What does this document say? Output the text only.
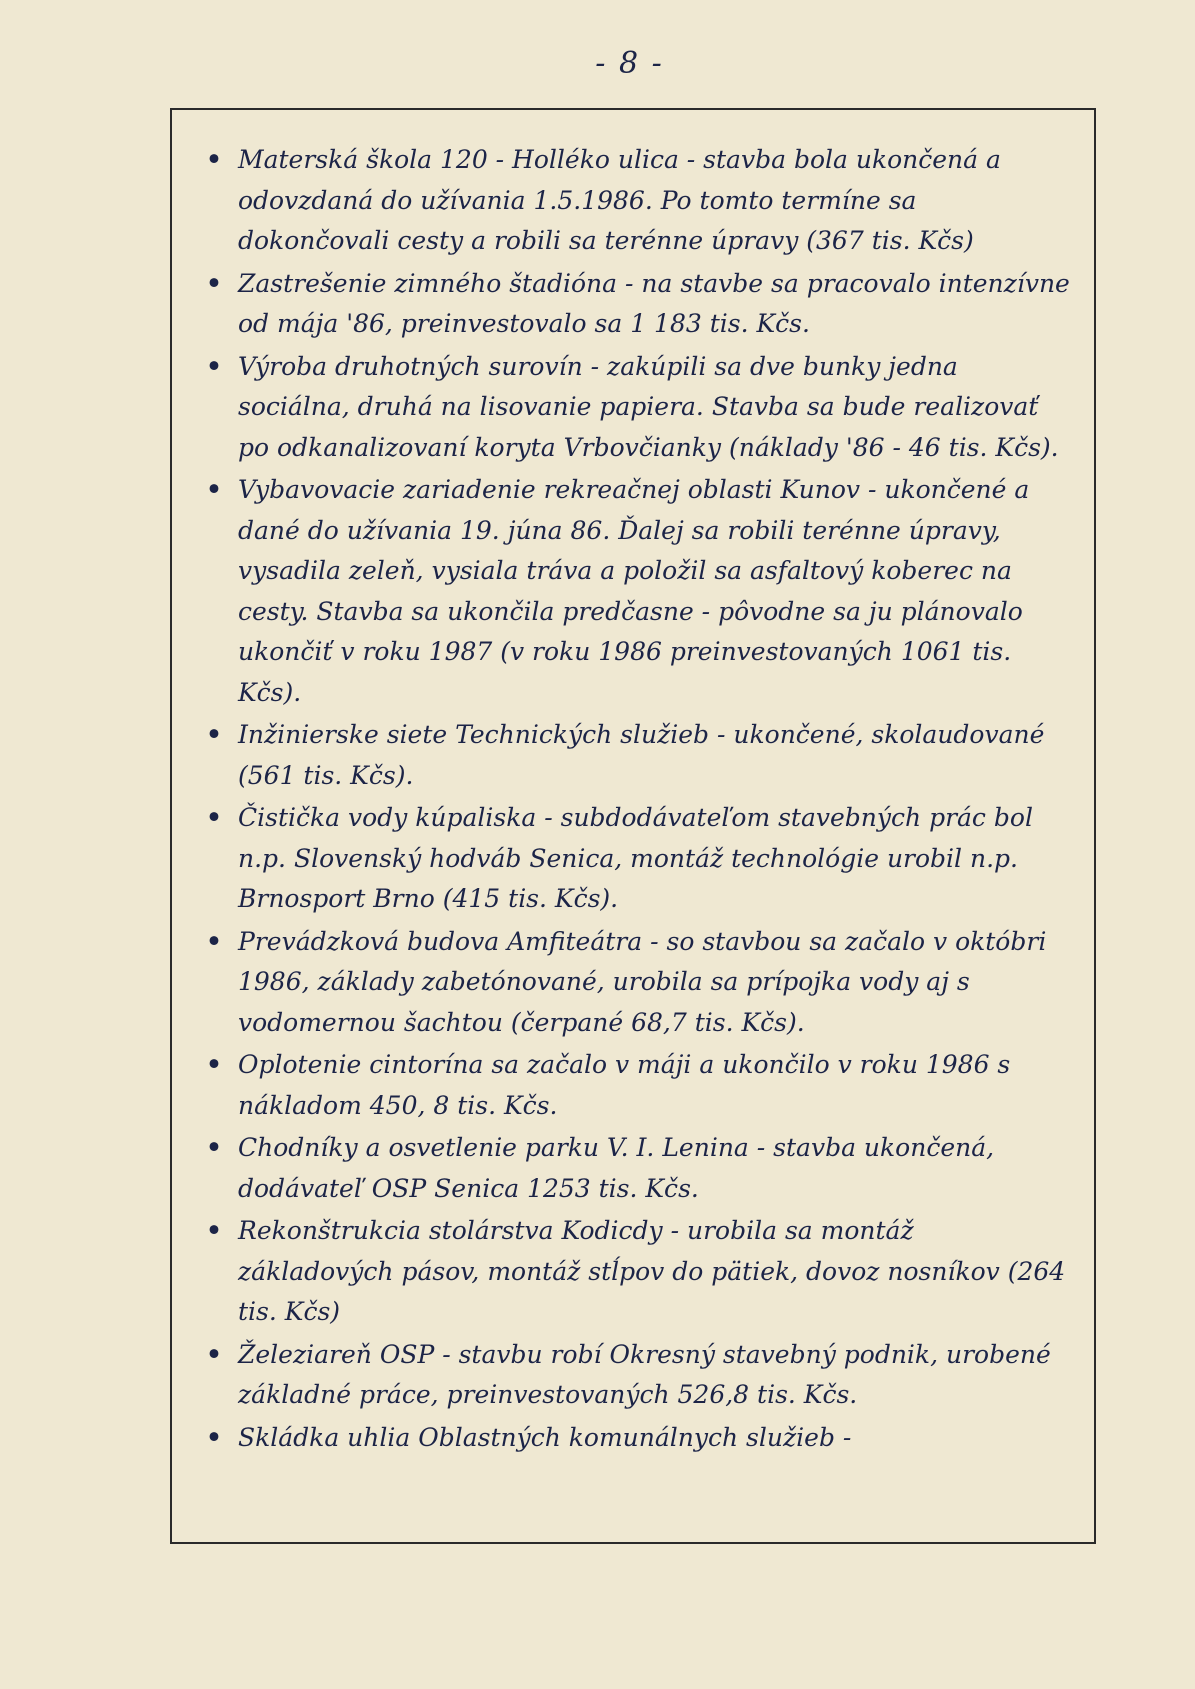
- 8 -
• Materská škola 120 - Holléko ulica - stavba bola ukončená a odovzdaná do užívania 1.5.1986. Po tomto termíne sa dokončovali cesty a robili sa terénne úpravy (367 tis. Kčs)
• Zastrešenie zimného štadióna - na stavbe sa pracovalo intenzívne od mája '86, preinvestovalo sa 1 183 tis. Kčs.
• Výroba druhotných surovín - zakúpili sa dve bunky jedna sociálna, druhá na lisovanie papiera. Stavba sa bude realizovať po odkanalizovaní koryta Vrbovčianky (náklady '86 - 46 tis. Kčs).
• Vybavovacie zariadenie rekreačnej oblasti Kunov - ukončené a dané do užívania 19. júna 86. Ďalej sa robili terénne úpravy, vysadila zeleň, vysiala tráva a položil sa asfaltový koberec na cesty. Stavba sa ukončila predčasne - pôvodne sa ju plánovalo ukončiť v roku 1987 (v roku 1986 preinvestovaných 1061 tis. Kčs).
• Inžinierske siete Technických služieb - ukončené, skolaudované (561 tis. Kčs).
• Čistička vody kúpaliska - subdodávateľom stavebných prác bol n.p. Slovenský hodváb Senica, montáž technológie urobil n.p. Brnosport Brno (415 tis. Kčs).
• Prevádzková budova Amfiteátra - so stavbou sa začalo v októbri 1986, základy zabetónované, urobila sa prípojka vody aj s vodomernou šachtou (čerpané 68,7 tis. Kčs).
• Oplotenie cintorína sa začalo v máji a ukončilo v roku 1986 s nákladom 450, 8 tis. Kčs.
• Chodníky a osvetlenie parku V. I. Lenina - stavba ukončená, dodávateľ OSP Senica 1253 tis. Kčs.
• Rekonštrukcia stolárstva Kodicdy - urobila sa montáž základových pásov, montáž stĺpov do pätiek, dovoz nosníkov (264 tis. Kčs)
• Železiareň OSP - stavbu robí Okresný stavebný podnik, urobené základné práce, preinvestovaných 526,8 tis. Kčs.
• Skládka uhlia Oblastných komunálnych služieb -
